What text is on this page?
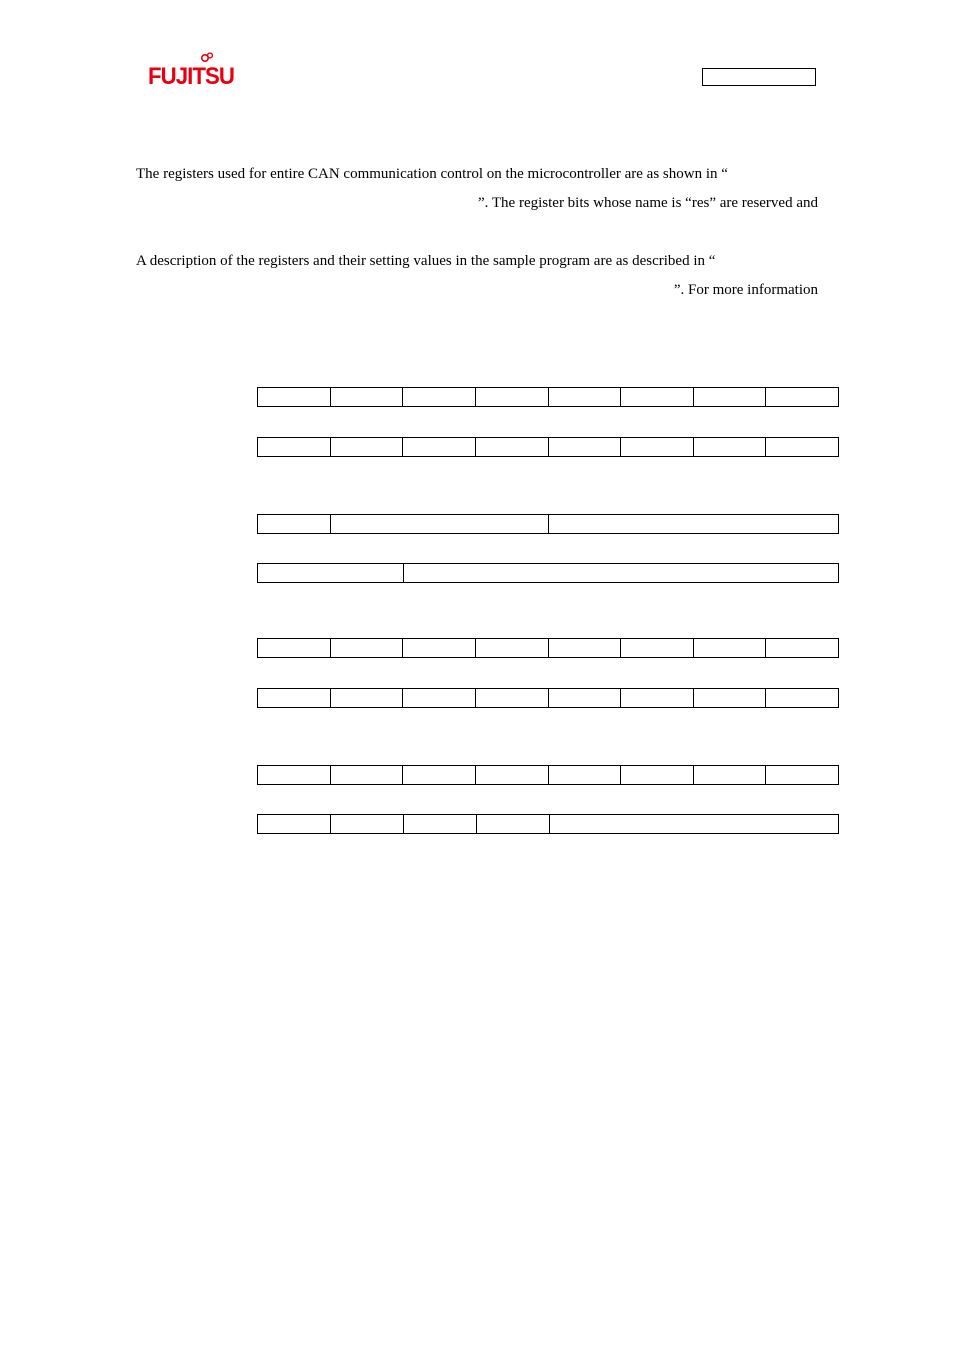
FUJITSU
The registers used for entire CAN communication control on the microcontroller are as shown in “
”. The register bits whose name is “res” are reserved and
A description of the registers and their setting values in the sample program are as described in “
”. For more information
